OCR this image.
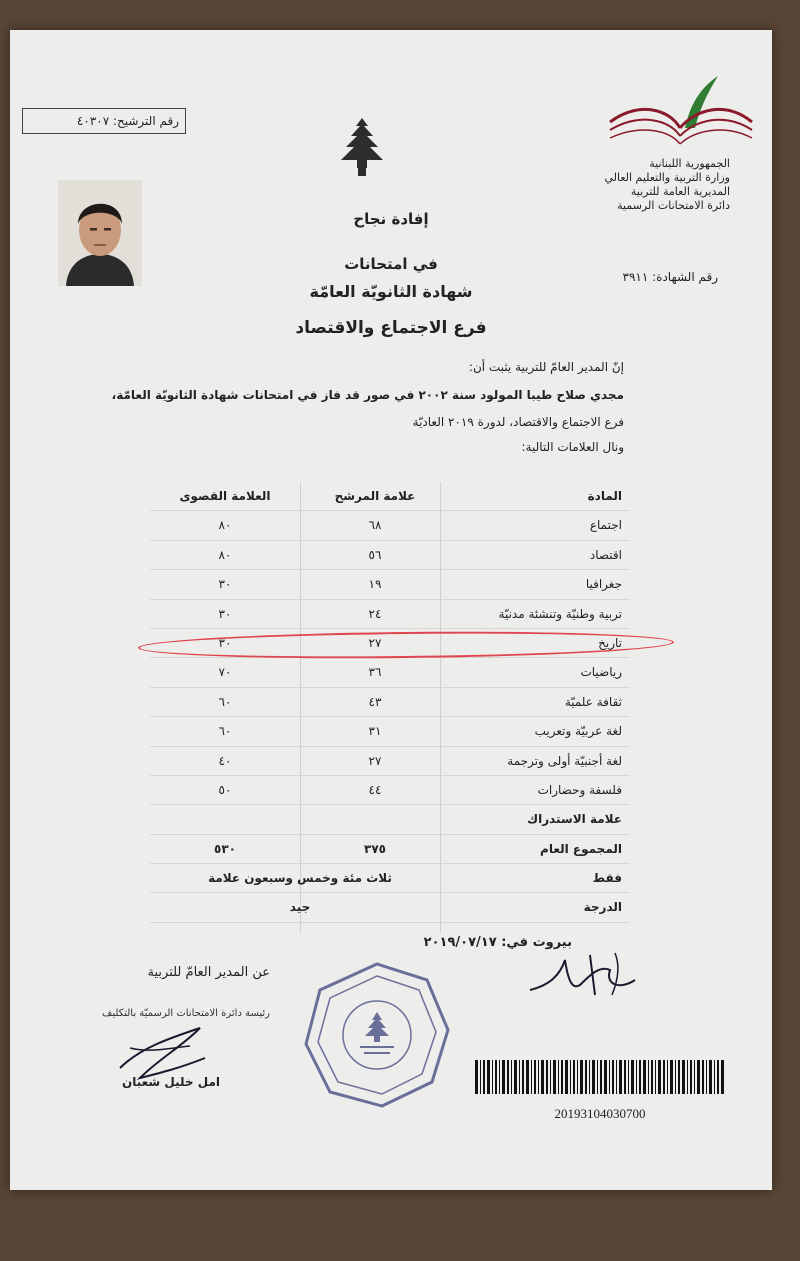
الجمهورية اللبنانية
وزارة التربية والتعليم العالي
المديرية العامة للتربية
دائرة الامتحانات الرسمية
رقم الترشيح: ٤٠٣٠٧
إفادة نجاح
في امتحانات
شهادة الثانويّة العامّة
فرع الاجتماع والاقتصاد
رقم الشهادة: ٣٩١١
إنّ المدير العامّ للتربية يثبت أن:
مجدي صلاح طيبا المولود سنة ٢٠٠٢ في صور قد فاز في امتحانات شهادة الثانويّة العامّة،
فرع الاجتماع والاقتصاد، لدورة ٢٠١٩ العاديّة
ونال العلامات التالية:
المادة
علامة المرشح
العلامة القصوى
اجتماع
٦٨
٨٠
اقتصاد
٥٦
٨٠
جغرافيا
١٩
٣٠
تربية وطنيّة وتنشئة مدنيّة
٢٤
٣٠
تاريخ
٢٧
٣٠
رياضيات
٣٦
٧٠
ثقافة علميّة
٤٣
٦٠
لغة عربيّة وتعريب
٣١
٦٠
لغة أجنبيّة أولى وترجمة
٢٧
٤٠
فلسفة وحضارات
٤٤
٥٠
علامة الاستدراك
المجموع العام
٣٧٥
٥٣٠
فقط
ثلاث مئة وخمس وسبعون علامة
الدرجة
جيد
بيروت في: ٢٠١٩/٠٧/١٧
عن المدير العامّ للتربية
رئيسة دائرة الامتحانات الرسميّة بالتكليف
امل خليل شعبان
20193104030700
